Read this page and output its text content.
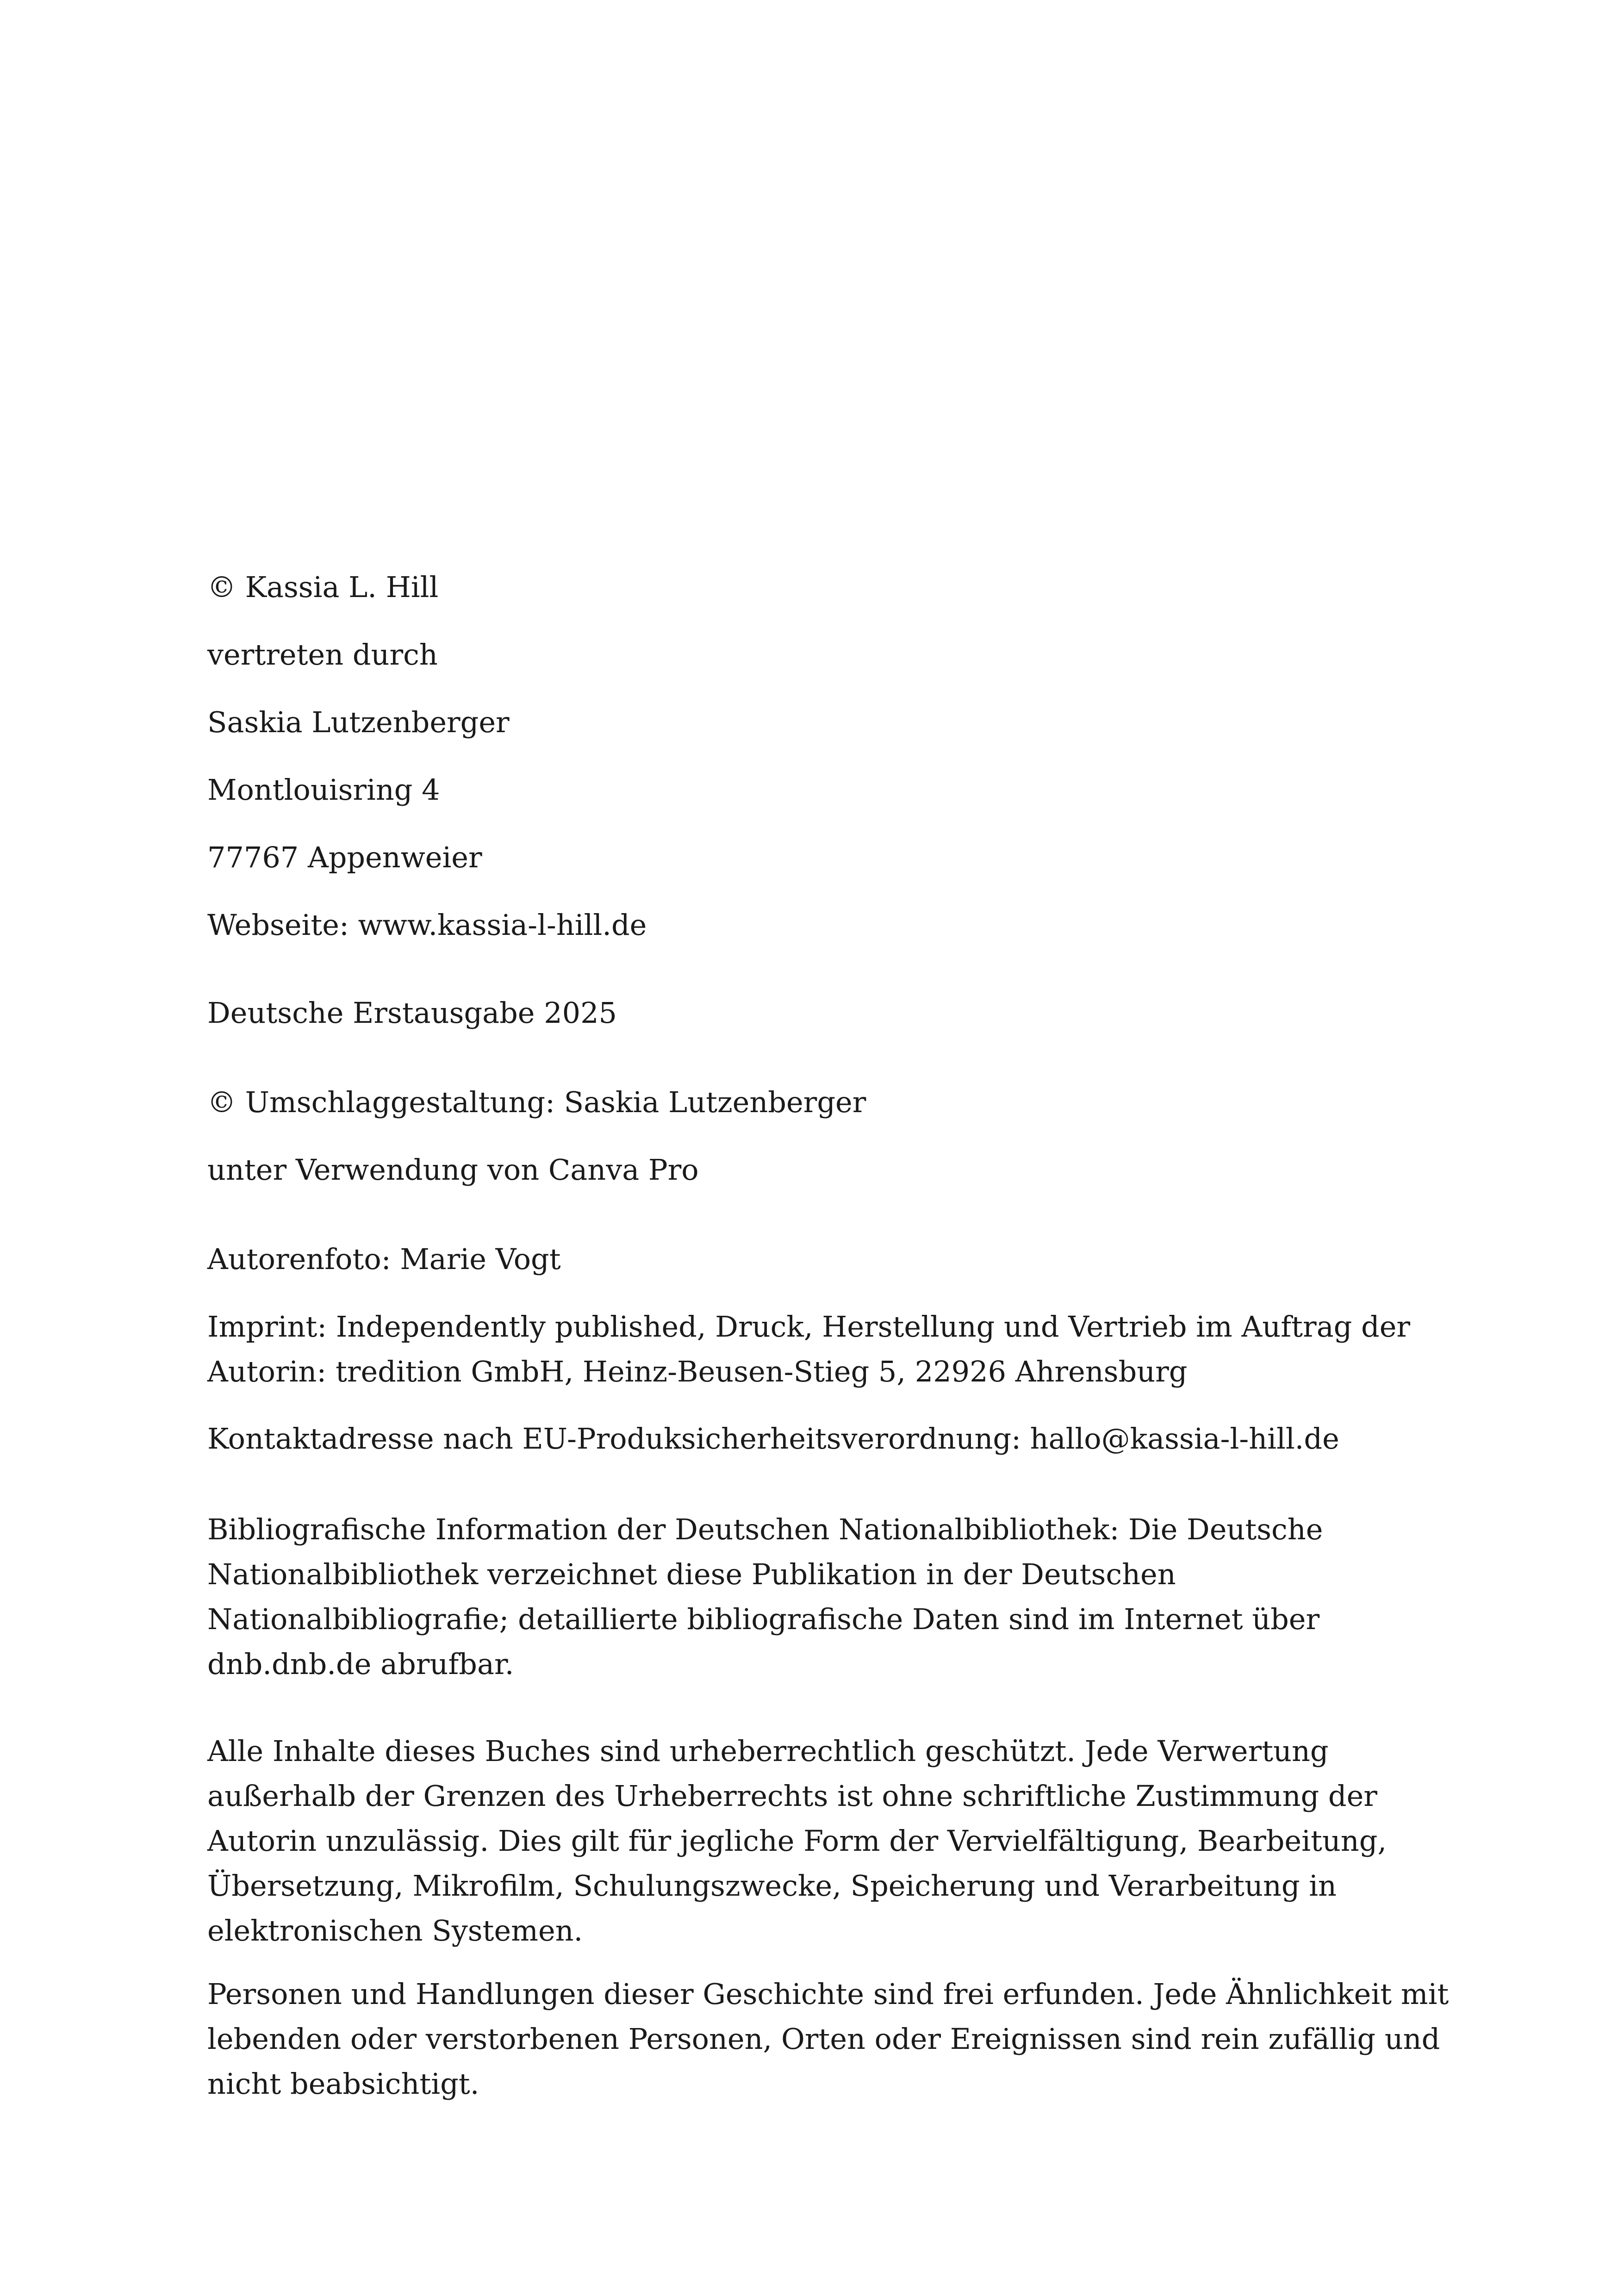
© Kassia L. Hill

vertreten durch

Saskia Lutzenberger

Montlouisring 4

77767 Appenweier

Webseite: www.kassia-l-hill.de

Deutsche Erstausgabe 2025

© Umschlaggestaltung: Saskia Lutzenberger

unter Verwendung von Canva Pro

Autorenfoto: Marie Vogt

Imprint: Independently published, Druck, Herstellung und Vertrieb im Auftrag der
Autorin: tredition GmbH, Heinz-Beusen-Stieg 5, 22926 Ahrensburg

Kontaktadresse nach EU-Produksicherheitsverordnung: hallo@kassia-l-hill.de

Bibliografische Information der Deutschen Nationalbibliothek: Die Deutsche
Nationalbibliothek verzeichnet diese Publikation in der Deutschen
Nationalbibliografie; detaillierte bibliografische Daten sind im Internet über
dnb.dnb.de abrufbar.
Alle Inhalte dieses Buches sind urheberrechtlich geschützt. Jede Verwertung
außerhalb der Grenzen des Urheberrechts ist ohne schriftliche Zustimmung der
Autorin unzulässig. Dies gilt für jegliche Form der Vervielfältigung, Bearbeitung,
Übersetzung, Mikrofilm, Schulungszwecke, Speicherung und Verarbeitung in
elektronischen Systemen.
Personen und Handlungen dieser Geschichte sind frei erfunden. Jede Ähnlichkeit mit
lebenden oder verstorbenen Personen, Orten oder Ereignissen sind rein zufällig und
nicht beabsichtigt.
